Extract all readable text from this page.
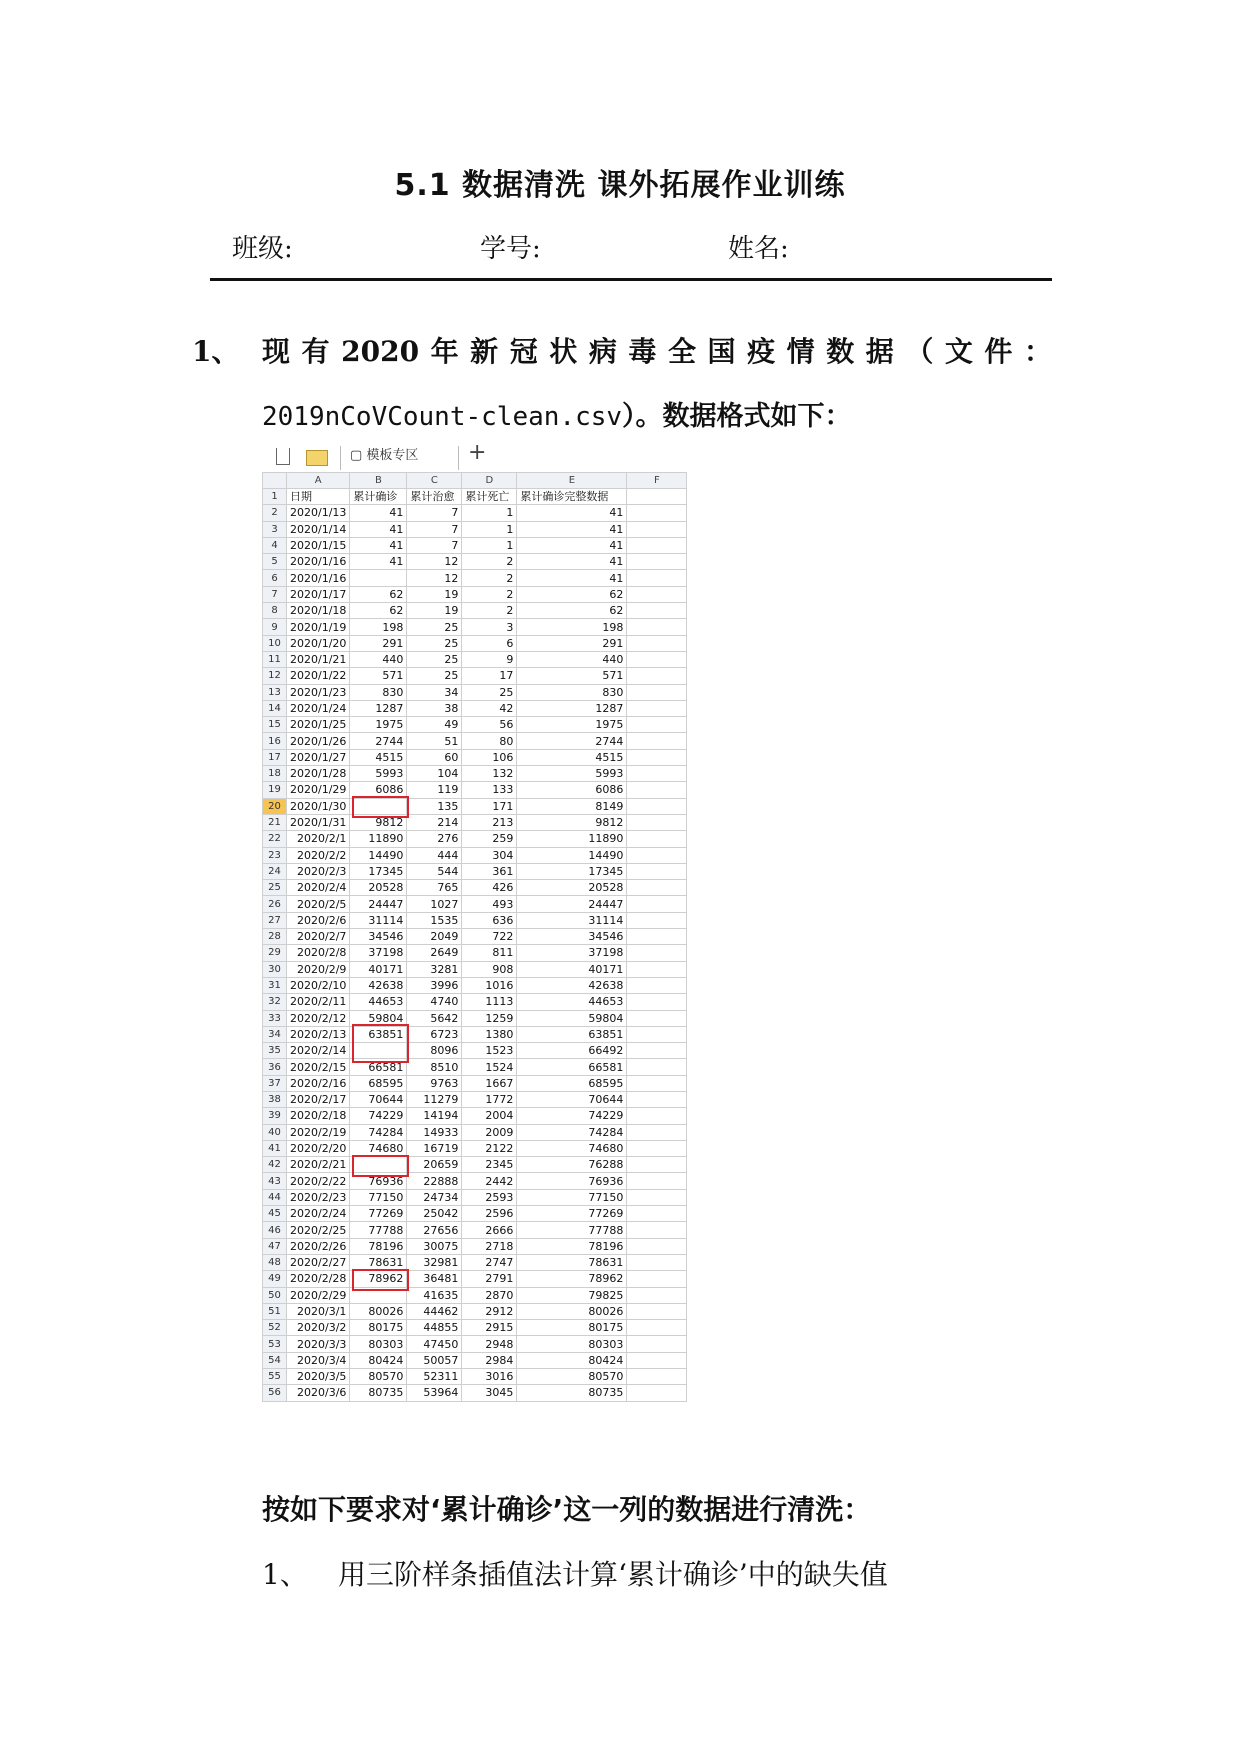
5.1 数据清洗 课外拓展作业训练
班级:	学号:	姓名:
1、 现有2020年新冠状病毒全国疫情数据（文件：
2019nCoVCount-clean.csv）。数据格式如下：
▢ 模板专区 +
	A	B	C	D	E	F
1	日期	累计确诊	累计治愈	累计死亡	累计确诊完整数据	
2	2020/1/13	41	7	1	41	
3	2020/1/14	41	7	1	41	
4	2020/1/15	41	7	1	41	
5	2020/1/16	41	12	2	41	
6	2020/1/16		12	2	41	
7	2020/1/17	62	19	2	62	
8	2020/1/18	62	19	2	62	
9	2020/1/19	198	25	3	198	
10	2020/1/20	291	25	6	291	
11	2020/1/21	440	25	9	440	
12	2020/1/22	571	25	17	571	
13	2020/1/23	830	34	25	830	
14	2020/1/24	1287	38	42	1287	
15	2020/1/25	1975	49	56	1975	
16	2020/1/26	2744	51	80	2744	
17	2020/1/27	4515	60	106	4515	
18	2020/1/28	5993	104	132	5993	
19	2020/1/29	6086	119	133	6086	
20	2020/1/30		135	171	8149	
21	2020/1/31	9812	214	213	9812	
22	2020/2/1	11890	276	259	11890	
23	2020/2/2	14490	444	304	14490	
24	2020/2/3	17345	544	361	17345	
25	2020/2/4	20528	765	426	20528	
26	2020/2/5	24447	1027	493	24447	
27	2020/2/6	31114	1535	636	31114	
28	2020/2/7	34546	2049	722	34546	
29	2020/2/8	37198	2649	811	37198	
30	2020/2/9	40171	3281	908	40171	
31	2020/2/10	42638	3996	1016	42638	
32	2020/2/11	44653	4740	1113	44653	
33	2020/2/12	59804	5642	1259	59804	
34	2020/2/13	63851	6723	1380	63851	
35	2020/2/14		8096	1523	66492	
36	2020/2/15	66581	8510	1524	66581	
37	2020/2/16	68595	9763	1667	68595	
38	2020/2/17	70644	11279	1772	70644	
39	2020/2/18	74229	14194	2004	74229	
40	2020/2/19	74284	14933	2009	74284	
41	2020/2/20	74680	16719	2122	74680	
42	2020/2/21		20659	2345	76288	
43	2020/2/22	76936	22888	2442	76936	
44	2020/2/23	77150	24734	2593	77150	
45	2020/2/24	77269	25042	2596	77269	
46	2020/2/25	77788	27656	2666	77788	
47	2020/2/26	78196	30075	2718	78196	
48	2020/2/27	78631	32981	2747	78631	
49	2020/2/28	78962	36481	2791	78962	
50	2020/2/29		41635	2870	79825	
51	2020/3/1	80026	44462	2912	80026	
52	2020/3/2	80175	44855	2915	80175	
53	2020/3/3	80303	47450	2948	80303	
54	2020/3/4	80424	50057	2984	80424	
55	2020/3/5	80570	52311	3016	80570	
56	2020/3/6	80735	53964	3045	80735	
按如下要求对‘累计确诊’这一列的数据进行清洗：
1、 用三阶样条插值法计算‘累计确诊’中的缺失值
